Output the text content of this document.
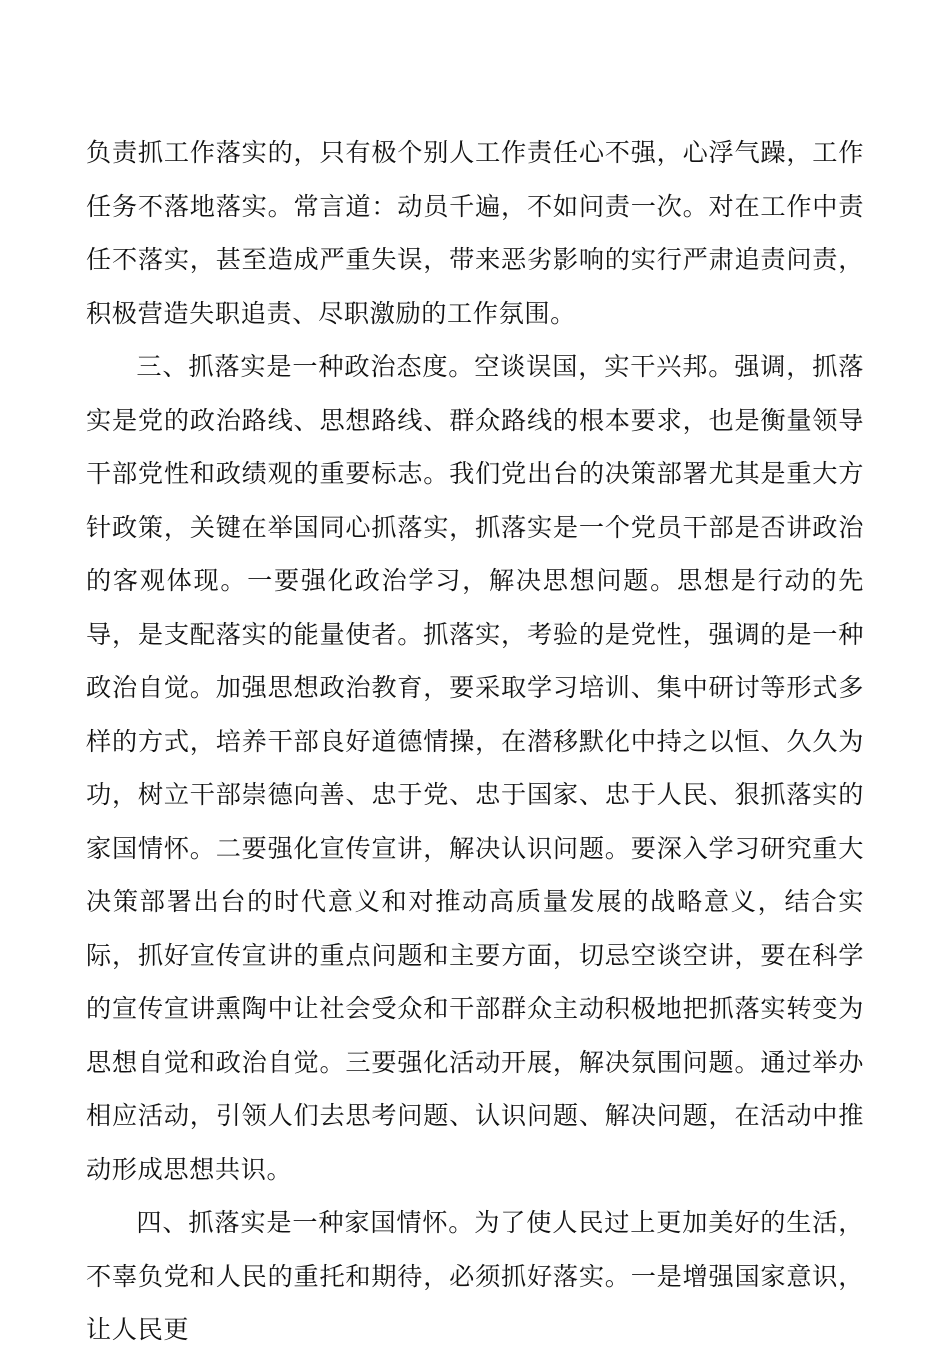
负责抓工作落实的，只有极个别人工作责任心不强，心浮气躁，工作任务不落地落实。常言道：动员千遍，不如问责一次。对在工作中责任不落实，甚至造成严重失误，带来恶劣影响的实行严肃追责问责，积极营造失职追责、尽职激励的工作氛围。

三、抓落实是一种政治态度。空谈误国，实干兴邦。强调，抓落实是党的政治路线、思想路线、群众路线的根本要求，也是衡量领导干部党性和政绩观的重要标志。我们党出台的决策部署尤其是重大方针政策，关键在举国同心抓落实，抓落实是一个党员干部是否讲政治的客观体现。一要强化政治学习，解决思想问题。思想是行动的先导，是支配落实的能量使者。抓落实，考验的是党性，强调的是一种政治自觉。加强思想政治教育，要采取学习培训、集中研讨等形式多样的方式，培养干部良好道德情操，在潜移默化中持之以恒、久久为功，树立干部崇德向善、忠于党、忠于国家、忠于人民、狠抓落实的家国情怀。二要强化宣传宣讲，解决认识问题。要深入学习研究重大决策部署出台的时代意义和对推动高质量发展的战略意义，结合实际，抓好宣传宣讲的重点问题和主要方面，切忌空谈空讲，要在科学的宣传宣讲熏陶中让社会受众和干部群众主动积极地把抓落实转变为思想自觉和政治自觉。三要强化活动开展，解决氛围问题。通过举办相应活动，引领人们去思考问题、认识问题、解决问题，在活动中推动形成思想共识。

四、抓落实是一种家国情怀。为了使人民过上更加美好的生活，不辜负党和人民的重托和期待，必须抓好落实。一是增强国家意识，让人民更
